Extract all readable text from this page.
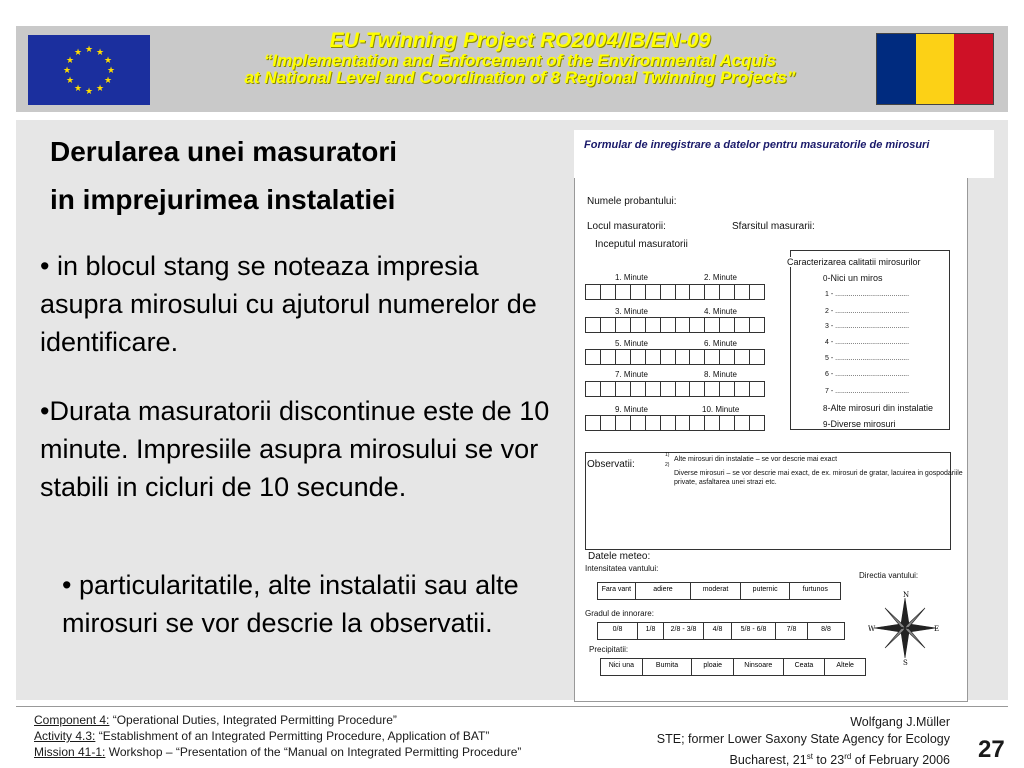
★ ★
★
★
★
★
★
★
★
★
★
★
EU-Twinning Project RO2004/IB/EN-09
“Implementation and Enforcement of the Environmental Acquis
at National Level and Coordination of 8 Regional Twinning Projects”
Derularea unei masuratori
in imprejurimea instalatiei
• in blocul stang se noteaza impresia asupra mirosului cu ajutorul numerelor de identificare.
•Durata masuratorii discontinue este de 10 minute. Impresiile asupra mirosului se vor stabili in cicluri de 10 secunde.
• particularitatile, alte instalatii sau alte mirosuri se vor descrie la observatii.
Formular de inregistrare a datelor pentru masuratorile de mirosuri
Numele probantului:
Locul masuratorii:	Sfarsitul masurarii:
Inceputul masuratorii
1. Minute	2. Minute
3. Minute	4. Minute
5. Minute	6. Minute
7. Minute	8. Minute
9. Minute	10. Minute
Caracterizarea calitatii mirosurilor
0-Nici un miros
1 - ......................................
2 - ......................................
3 - ......................................
4 - ......................................
5 - ......................................
6 - ......................................
7 - ......................................
8-Alte mirosuri din instalatie
9-Diverse mirosuri
Observatii:
1)
2)
Alte mirosuri din instalatie – se vor descrie mai exact
Diverse mirosuri – se vor descrie mai exact, de ex. mirosuri de gratar, lacuirea in gospodariile
private, asfaltarea unei strazi etc.
Datele meteo:
Intensitatea vantului:
Directia vantului:
Fara vant	adiere	moderat	puternic	furtunos
Gradul de innorare:
0/8	1/8	2/8 - 3/8	4/8	5/8 - 6/8	7/8	8/8
Precipitatii:
Nici una	Burnita	ploaie	Ninsoare	Ceata	Altele
N
S
W	E
Component 4: “Operational Duties, Integrated Permitting Procedure”
Activity 4.3: “Establishment of an Integrated Permitting Procedure, Application of BAT”
Mission 41-1: Workshop – “Presentation of the “Manual on Integrated Permitting Procedure”
Wolfgang J.Müller
STE; former Lower Saxony State Agency for Ecology
Bucharest, 21st to 23rd of February 2006 27
